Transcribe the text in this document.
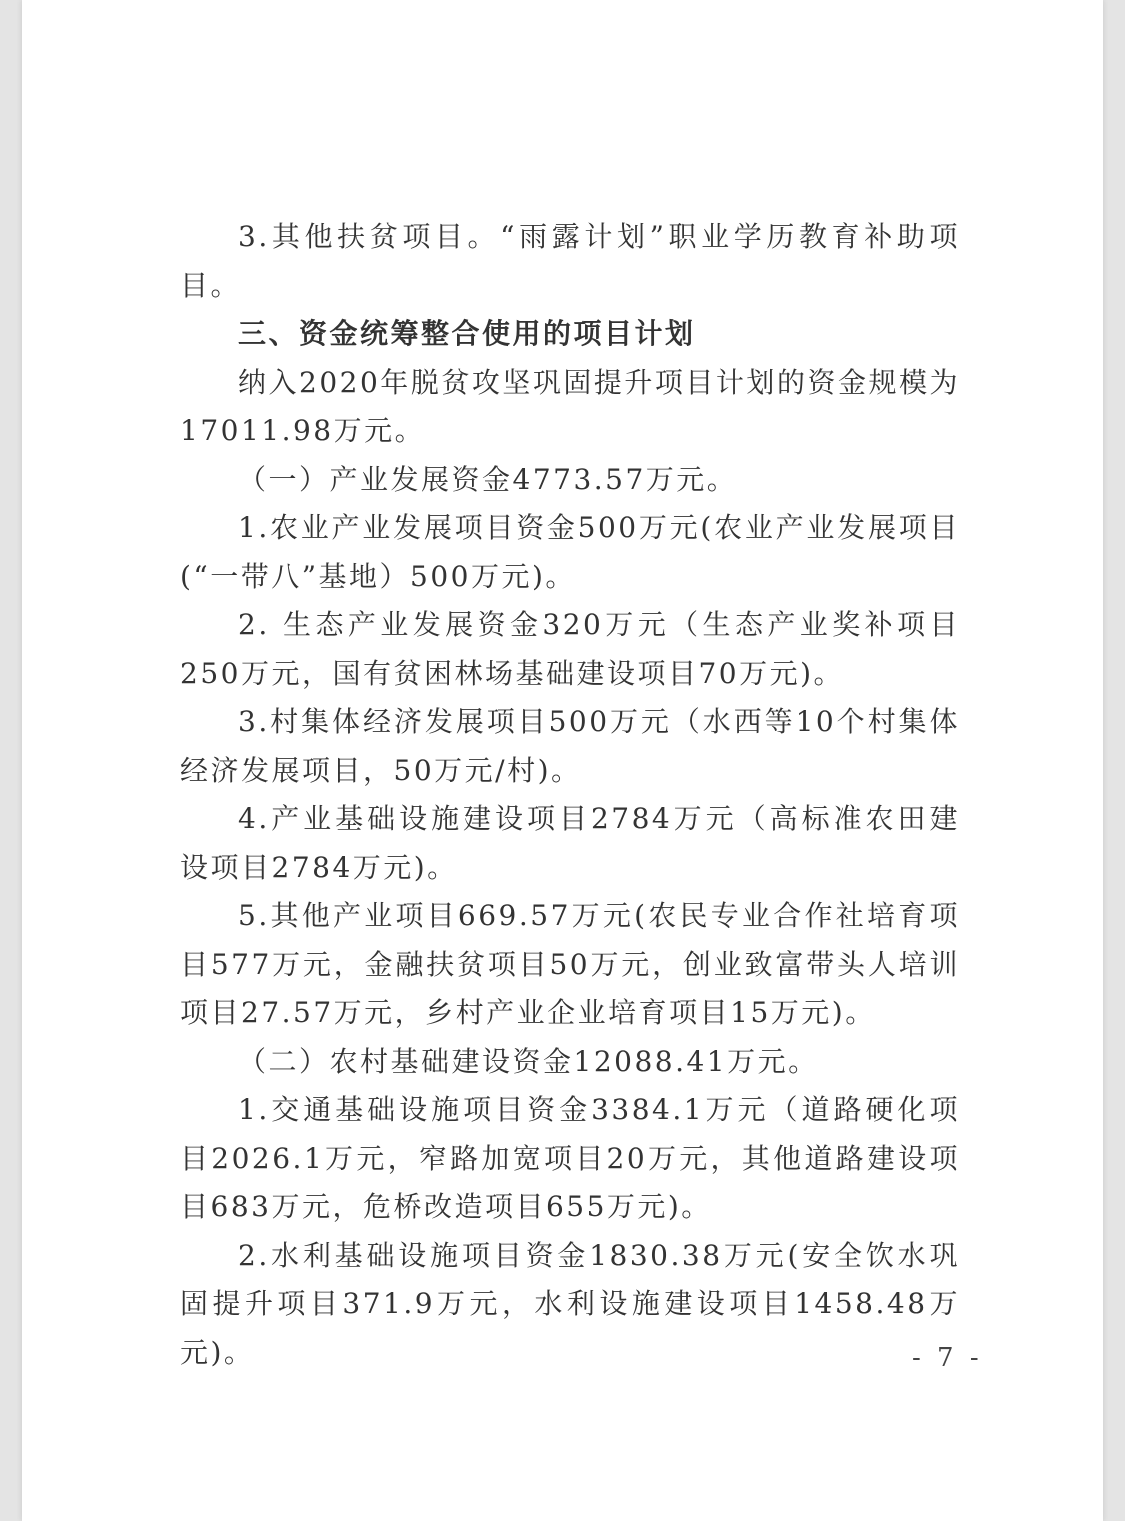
3.其他扶贫项目。“雨露计划”职业学历教育补助项目。

三、资金统筹整合使用的项目计划

纳入2020年脱贫攻坚巩固提升项目计划的资金规模为17011.98万元。

（一）产业发展资金4773.57万元。

1.农业产业发展项目资金500万元(农业产业发展项目(“一带八”基地）500万元)。

2. 生态产业发展资金320万元（生态产业奖补项目250万元，国有贫困林场基础建设项目70万元)。

3.村集体经济发展项目500万元（水西等10个村集体经济发展项目，50万元/村)。

4.产业基础设施建设项目2784万元（高标准农田建设项目2784万元)。

5.其他产业项目669.57万元(农民专业合作社培育项目577万元，金融扶贫项目50万元，创业致富带头人培训项目27.57万元，乡村产业企业培育项目15万元)。

（二）农村基础建设资金12088.41万元。

1.交通基础设施项目资金3384.1万元（道路硬化项目2026.1万元，窄路加宽项目20万元，其他道路建设项目683万元，危桥改造项目655万元)。

2.水利基础设施项目资金1830.38万元(安全饮水巩固提升项目371.9万元，水利设施建设项目1458.48万元)。	- 7 -
